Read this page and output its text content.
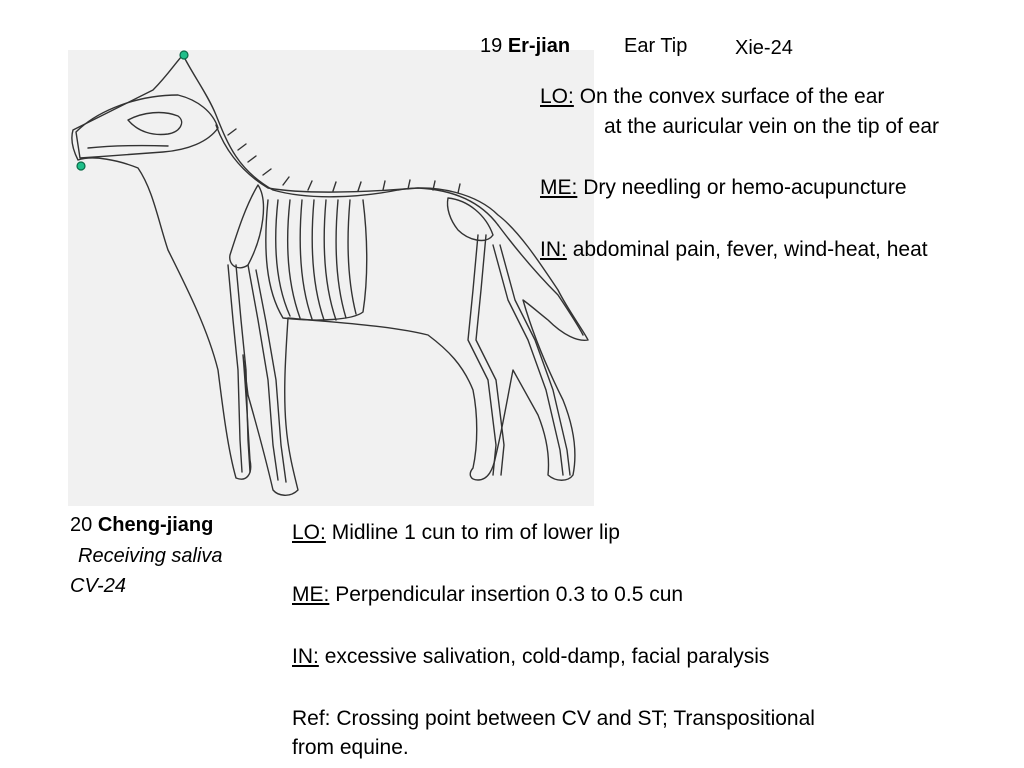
19 Er-jian	Ear Tip Xie-24
LO: On the convex surface of the ear
at the auricular vein on the tip of ear
ME: Dry needling or hemo-acupuncture
IN: abdominal pain, fever, wind-heat, heat
20 Cheng-jiang
Receiving saliva
CV-24
LO: Midline 1 cun to rim of lower lip
ME: Perpendicular insertion 0.3 to 0.5 cun
IN: excessive salivation, cold-damp, facial paralysis
Ref: Crossing point between CV and ST; Transpositional
from equine.
